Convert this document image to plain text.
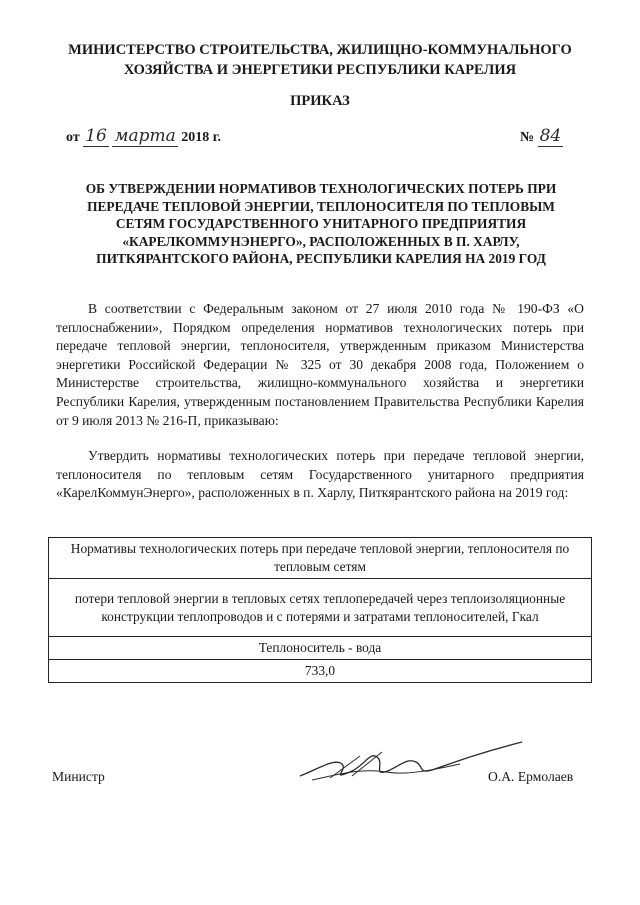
МИНИСТЕРСТВО СТРОИТЕЛЬСТВА, ЖИЛИЩНО-КОММУНАЛЬНОГО
ХОЗЯЙСТВА И ЭНЕРГЕТИКИ РЕСПУБЛИКИ КАРЕЛИЯ
ПРИКАЗ
от 16 марта 2018 г.	№ 84
ОБ УТВЕРЖДЕНИИ НОРМАТИВОВ ТЕХНОЛОГИЧЕСКИХ ПОТЕРЬ ПРИ
ПЕРЕДАЧЕ ТЕПЛОВОЙ ЭНЕРГИИ, ТЕПЛОНОСИТЕЛЯ ПО ТЕПЛОВЫМ
СЕТЯМ ГОСУДАРСТВЕННОГО УНИТАРНОГО ПРЕДПРИЯТИЯ
«КАРЕЛКОММУНЭНЕРГО», РАСПОЛОЖЕННЫХ В П. ХАРЛУ,
ПИТКЯРАНТСКОГО РАЙОНА, РЕСПУБЛИКИ КАРЕЛИЯ НА 2019 ГОД
В соответствии с Федеральным законом от 27 июля 2010 года № 190-ФЗ «О теплоснабжении», Порядком определения нормативов технологических потерь при передаче тепловой энергии, теплоносителя, утвержденным приказом Министерства энергетики Российской Федерации № 325 от 30 декабря 2008 года, Положением о Министерстве строительства, жилищно-коммунального хозяйства и энергетики Республики Карелия, утвержденным постановлением Правительства Республики Карелия от 9 июля 2013 № 216-П, приказываю:
Утвердить нормативы технологических потерь при передаче тепловой энергии, теплоносителя по тепловым сетям Государственного унитарного предприятия «КарелКоммунЭнерго», расположенных в п. Харлу, Питкярантского района на 2019 год:
Нормативы технологических потерь при передаче тепловой энергии, теплоносителя по тепловым сетям
потери тепловой энергии в тепловых сетях теплопередачей через теплоизоляционные конструкции теплопроводов и с потерями и затратами теплоносителей, Гкал
Теплоноситель - вода
733,0
Министр	О.А. Ермолаев
